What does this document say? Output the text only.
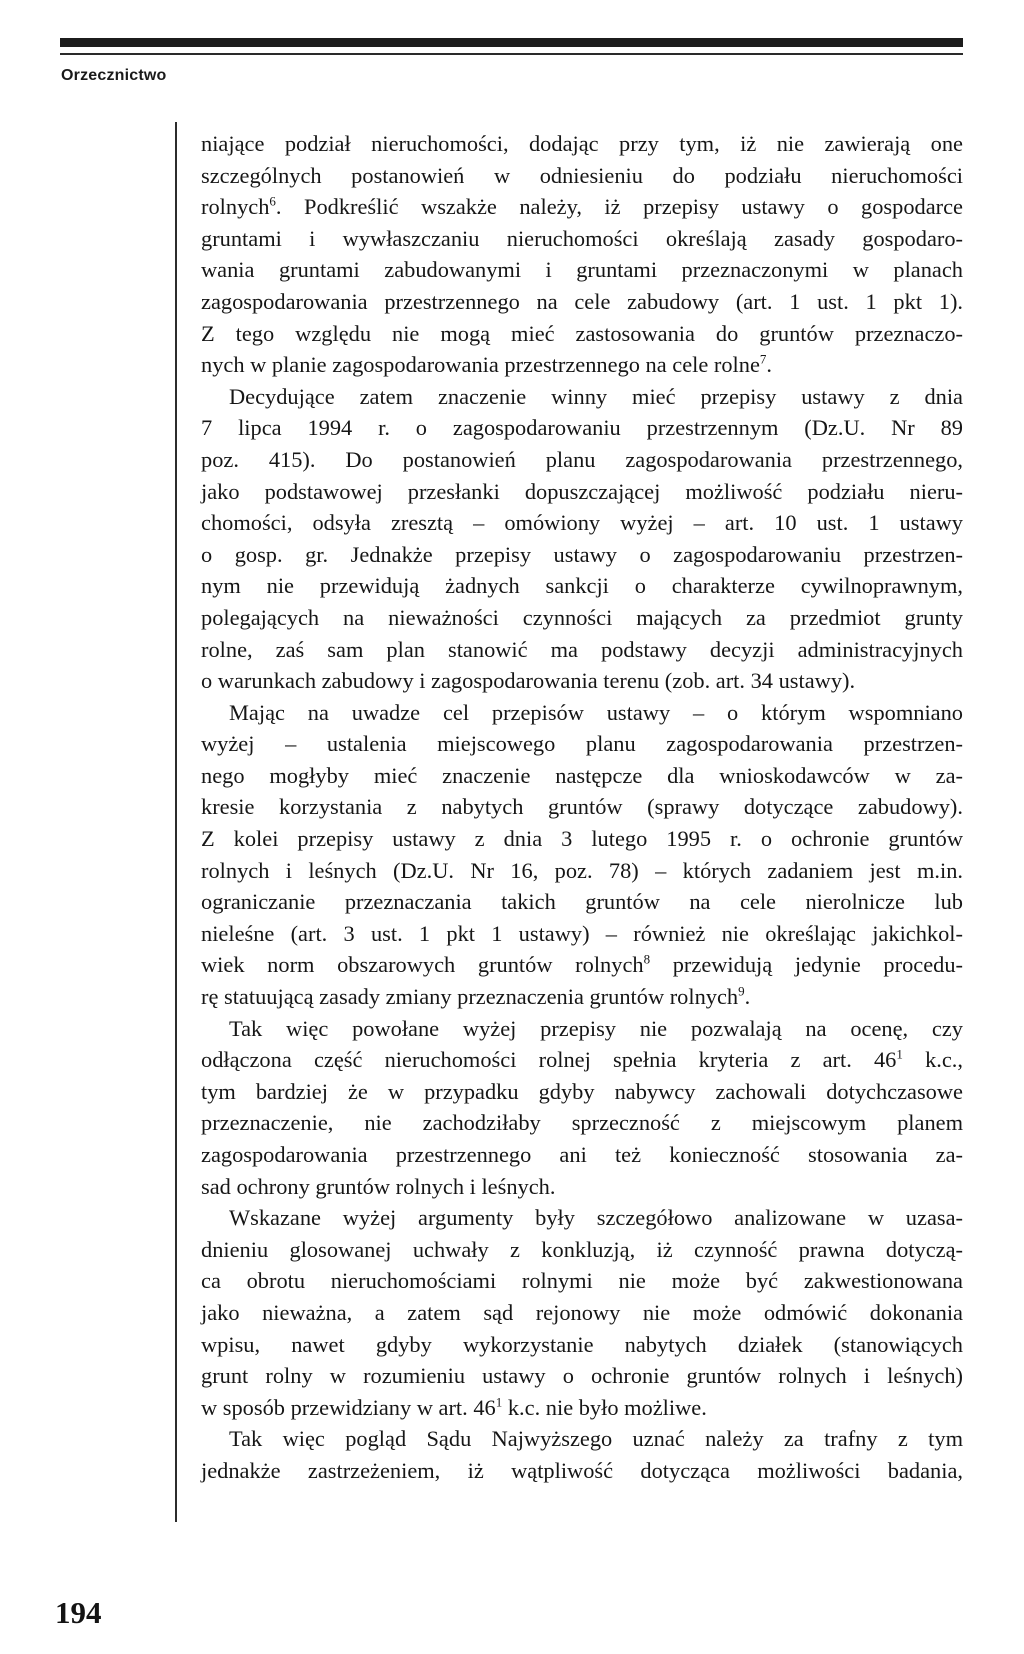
Orzecznictwo
niające podział nieruchomości, dodając przy tym, iż nie zawierają one
szczególnych postanowień w odniesieniu do podziału nieruchomości
rolnych$^6$. Podkreślić wszakże należy, iż przepisy ustawy o gospodarce
gruntami i wywłaszczaniu nieruchomości określają zasady gospodaro-
wania gruntami zabudowanymi i gruntami przeznaczonymi w planach
zagospodarowania przestrzennego na cele zabudowy (art. 1 ust. 1 pkt 1).
Z tego względu nie mogą mieć zastosowania do gruntów przeznaczo-
nych w planie zagospodarowania przestrzennego na cele rolne$^7$.
Decydujące zatem znaczenie winny mieć przepisy ustawy z dnia
7 lipca 1994 r. o zagospodarowaniu przestrzennym (Dz.U. Nr 89
poz. 415). Do postanowień planu zagospodarowania przestrzennego,
jako podstawowej przesłanki dopuszczającej możliwość podziału nieru-
chomości, odsyła zresztą – omówiony wyżej – art. 10 ust. 1 ustawy
o gosp. gr. Jednakże przepisy ustawy o zagospodarowaniu przestrzen-
nym nie przewidują żadnych sankcji o charakterze cywilnoprawnym,
polegających na nieważności czynności mających za przedmiot grunty
rolne, zaś sam plan stanowić ma podstawy decyzji administracyjnych
o warunkach zabudowy i zagospodarowania terenu (zob. art. 34 ustawy).
Mając na uwadze cel przepisów ustawy – o którym wspomniano
wyżej – ustalenia miejscowego planu zagospodarowania przestrzen-
nego mogłyby mieć znaczenie następcze dla wnioskodawców w za-
kresie korzystania z nabytych gruntów (sprawy dotyczące zabudowy).
Z kolei przepisy ustawy z dnia 3 lutego 1995 r. o ochronie gruntów
rolnych i leśnych (Dz.U. Nr 16, poz. 78) – których zadaniem jest m.in.
ograniczanie przeznaczania takich gruntów na cele nierolnicze lub
nieleśne (art. 3 ust. 1 pkt 1 ustawy) – również nie określając jakichkol-
wiek norm obszarowych gruntów rolnych$^8$ przewidują jedynie procedu-
rę statuującą zasady zmiany przeznaczenia gruntów rolnych$^9$.
Tak więc powołane wyżej przepisy nie pozwalają na ocenę, czy
odłączona część nieruchomości rolnej spełnia kryteria z art. $46^1$ k.c.,
tym bardziej że w przypadku gdyby nabywcy zachowali dotychczasowe
przeznaczenie, nie zachodziłaby sprzeczność z miejscowym planem
zagospodarowania przestrzennego ani też konieczność stosowania za-
sad ochrony gruntów rolnych i leśnych.
Wskazane wyżej argumenty były szczegółowo analizowane w uzasa-
dnieniu glosowanej uchwały z konkluzją, iż czynność prawna dotyczą-
ca obrotu nieruchomościami rolnymi nie może być zakwestionowana
jako nieważna, a zatem sąd rejonowy nie może odmówić dokonania
wpisu, nawet gdyby wykorzystanie nabytych działek (stanowiących
grunt rolny w rozumieniu ustawy o ochronie gruntów rolnych i leśnych)
w sposób przewidziany w art. $46^1$ k.c. nie było możliwe.
Tak więc pogląd Sądu Najwyższego uznać należy za trafny z tym
jednakże zastrzeżeniem, iż wątpliwość dotycząca możliwości badania,

194
